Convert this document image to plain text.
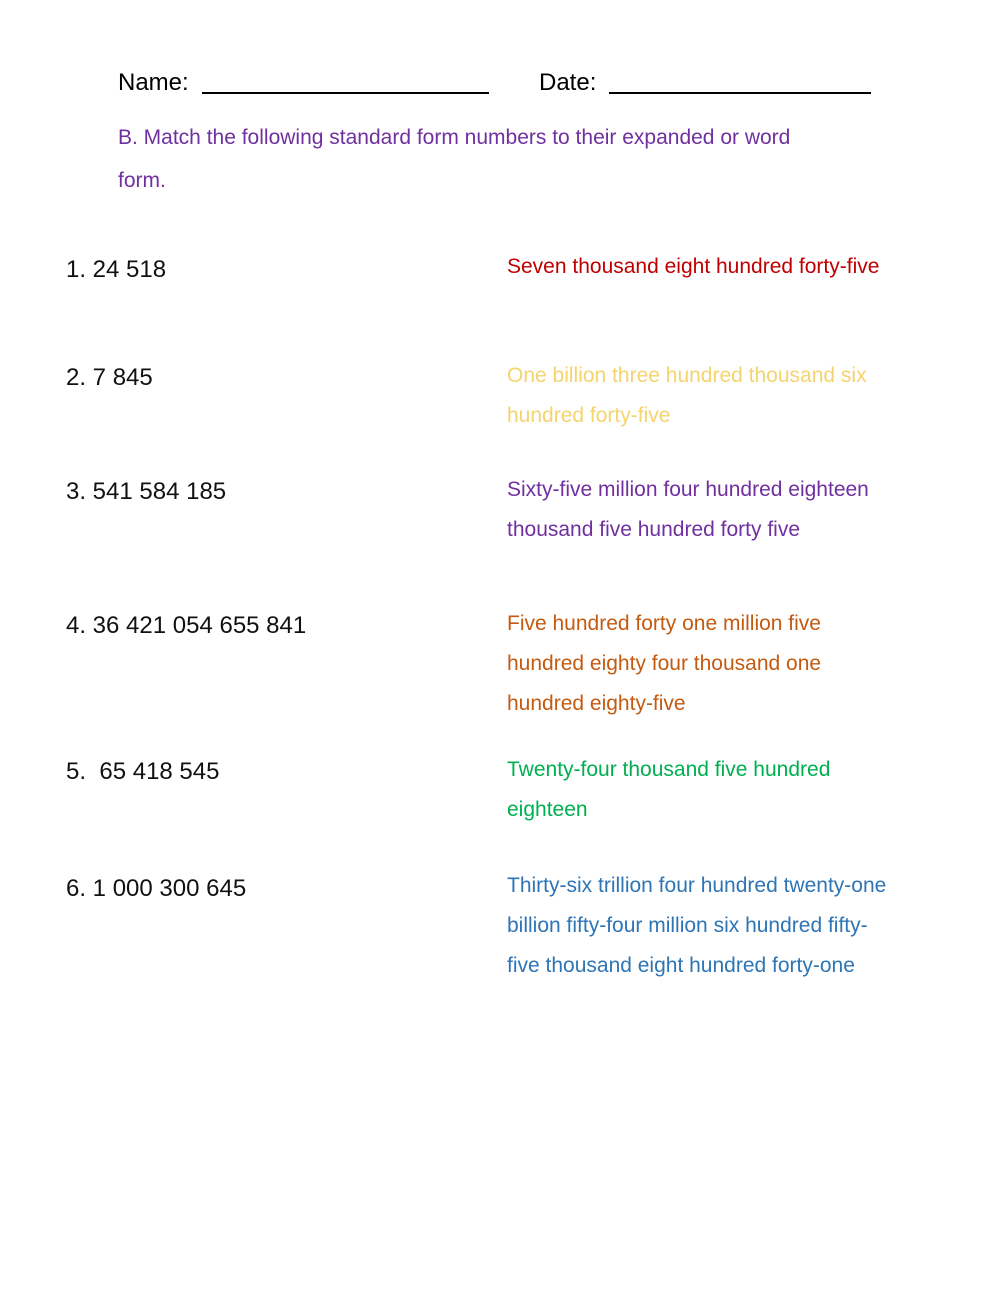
Name:	Date:
B. Match the following standard form numbers to their expanded or word
form.
1. 24 518
2. 7 845
3. 541 584 185
4. 36 421 054 655 841
5.  65 418 545
6. 1 000 300 645
Seven thousand eight hundred forty-five
One billion three hundred thousand six
hundred forty-five
Sixty-five million four hundred eighteen
thousand five hundred forty five
Five hundred forty one million five
hundred eighty four thousand one
hundred eighty-five
Twenty-four thousand five hundred
eighteen
Thirty-six trillion four hundred twenty-one
billion fifty-four million six hundred fifty-
five thousand eight hundred forty-one
